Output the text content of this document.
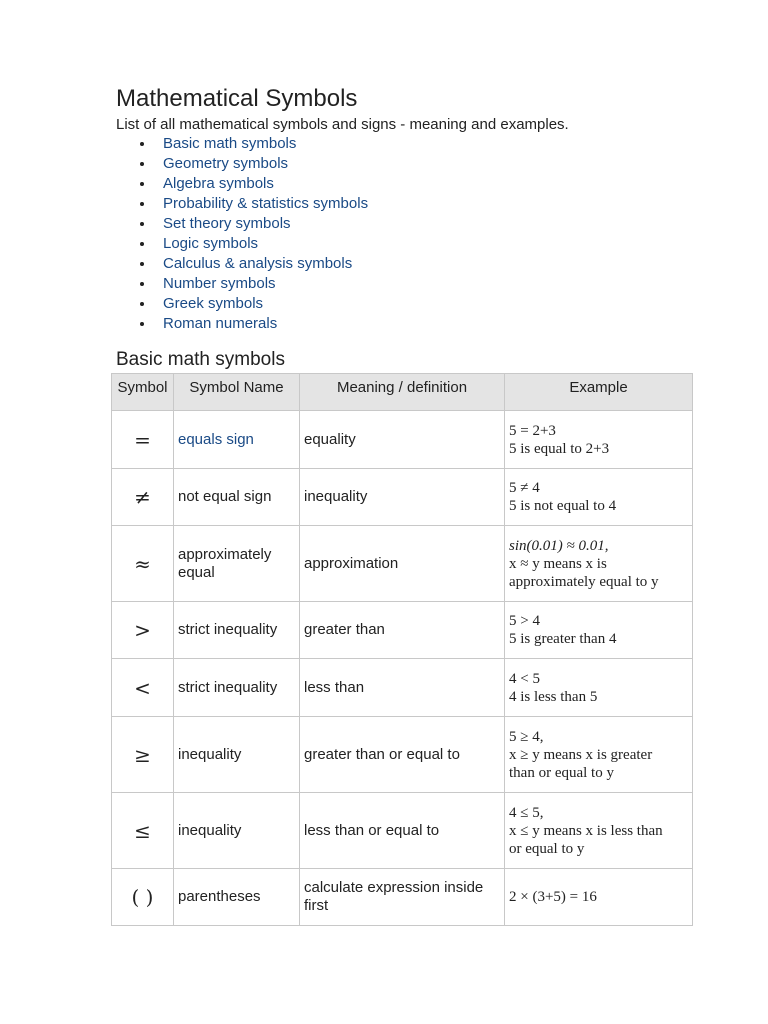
Mathematical Symbols

List of all mathematical symbols and signs - meaning and examples.

Basic math symbols
Geometry symbols
Algebra symbols
Probability & statistics symbols
Set theory symbols
Logic symbols
Calculus & analysis symbols
Number symbols
Greek symbols
Roman numerals
Basic math symbols
Symbol	Symbol Name	Meaning / definition	Example
=	equals sign	equality	5 = 2+3
5 is equal to 2+3

≠	not equal sign	inequality	5 ≠ 4
5 is not equal to 4

≈	approximately equal	approximation	sin(0.01) ≈ 0.01,
x ≈ y means x is
approximately equal to y

>	strict inequality	greater than	5 > 4
5 is greater than 4

<	strict inequality	less than	4 < 5
4 is less than 5

≥	inequality	greater than or equal to	5 ≥ 4,
x ≥ y means x is greater
than or equal to y

≤	inequality	less than or equal to	4 ≤ 5,
x ≤ y means x is less than
or equal to y

( )	parentheses	calculate expression inside first	2 × (3+5) = 16
